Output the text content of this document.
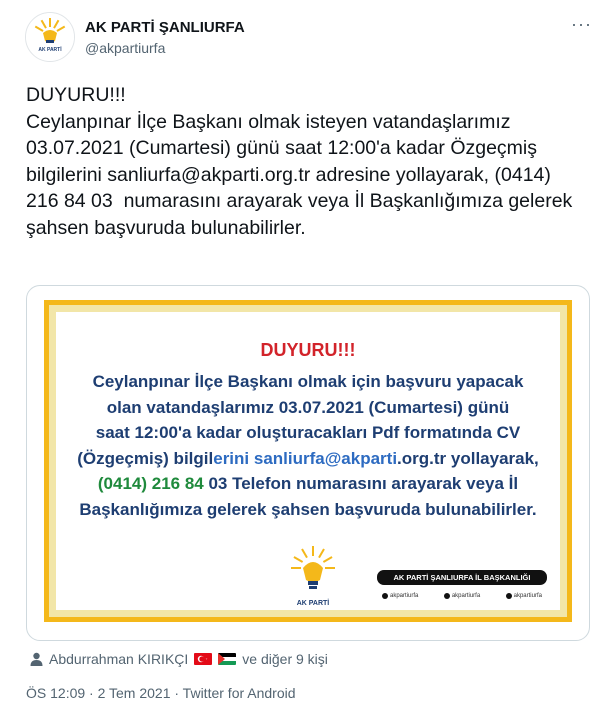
AK PARTİ
AK PARTİ ŞANLIURFA
@akpartiurfa
···
DUYURU!!!
Ceylanpınar İlçe Başkanı olmak isteyen vatandaşlarımız 03.07.2021 (Cumartesi) günü saat 12:00'a kadar Özgeçmiş bilgilerini sanliurfa@akparti.org.tr adresine yollayarak, (0414) 216 84 03  numarasını arayarak veya İl Başkanlığımıza gelerek şahsen başvuruda bulunabilirler.
DUYURU!!!
Ceylanpınar İlçe Başkanı olmak için başvuru yapacak
olan vatandaşlarımız 03.07.2021 (Cumartesi) günü
saat 12:00'a kadar oluşturacakları Pdf formatında CV
(Özgeçmiş) bilgilerini sanliurfa@akparti.org.tr yollayarak,
(0414) 216 84 03 Telefon numarasını arayarak veya İl
Başkanlığımıza gelerek şahsen başvuruda bulunabilirler.
AK PARTİ
AK PARTİ ŞANLIURFA İL BAŞKANLIĞI
akpartiurfa	akpartiurfa	akpartiurfa
Abdurrahman KIRIKÇI	ve diğer 9 kişi
ÖS 12:09 · 2 Tem 2021 · Twitter for Android
